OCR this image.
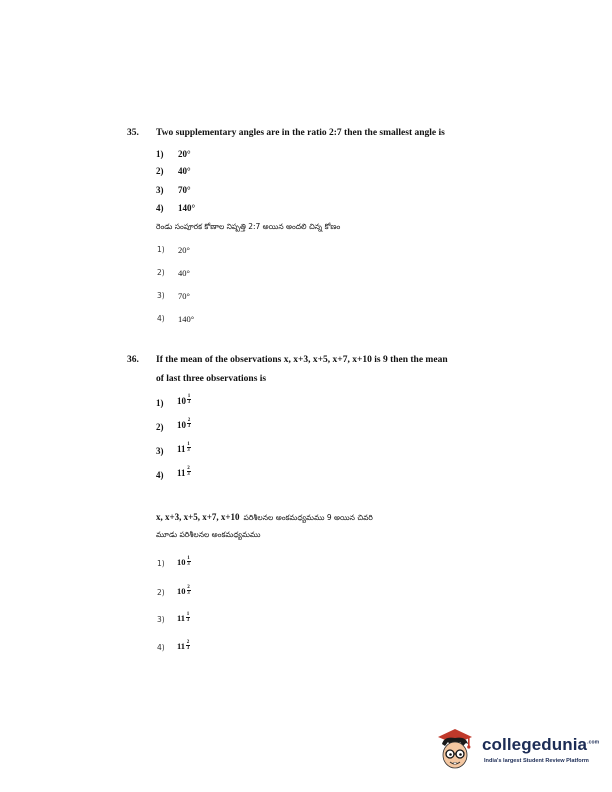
35. Two supplementary angles are in the ratio 2:7 then the smallest angle is
1) 20°
2) 40°
3) 70°
4) 140°
రెండు సంపూరక కోణాల నిష్పత్తి 2:7 అయిన అందలి చిన్న కోణం
1) 20°
2) 40°
3) 70°
4) 140°
36. If the mean of the observations x, x+3, x+5, x+7, x+10 is 9 then the mean
of last three observations is
1) $10 \frac{1}{3}$
2) $10 \frac{2}{3}$
3) $11 \frac{1}{3}$
4) $11 \frac{2}{3}$
x, x+3, x+5, x+7, x+10 పరిశీలనల అంకమధ్యమము 9 అయిన చివరి
మూడు పరిశీలనల అంకమధ్యమము
1) $10 \frac{1}{3}$
2) $10 \frac{2}{3}$
3) $11 \frac{1}{3}$
4) $11 \frac{2}{3}$
collegedunia$^{.com}$
India's largest Student Review Platform
